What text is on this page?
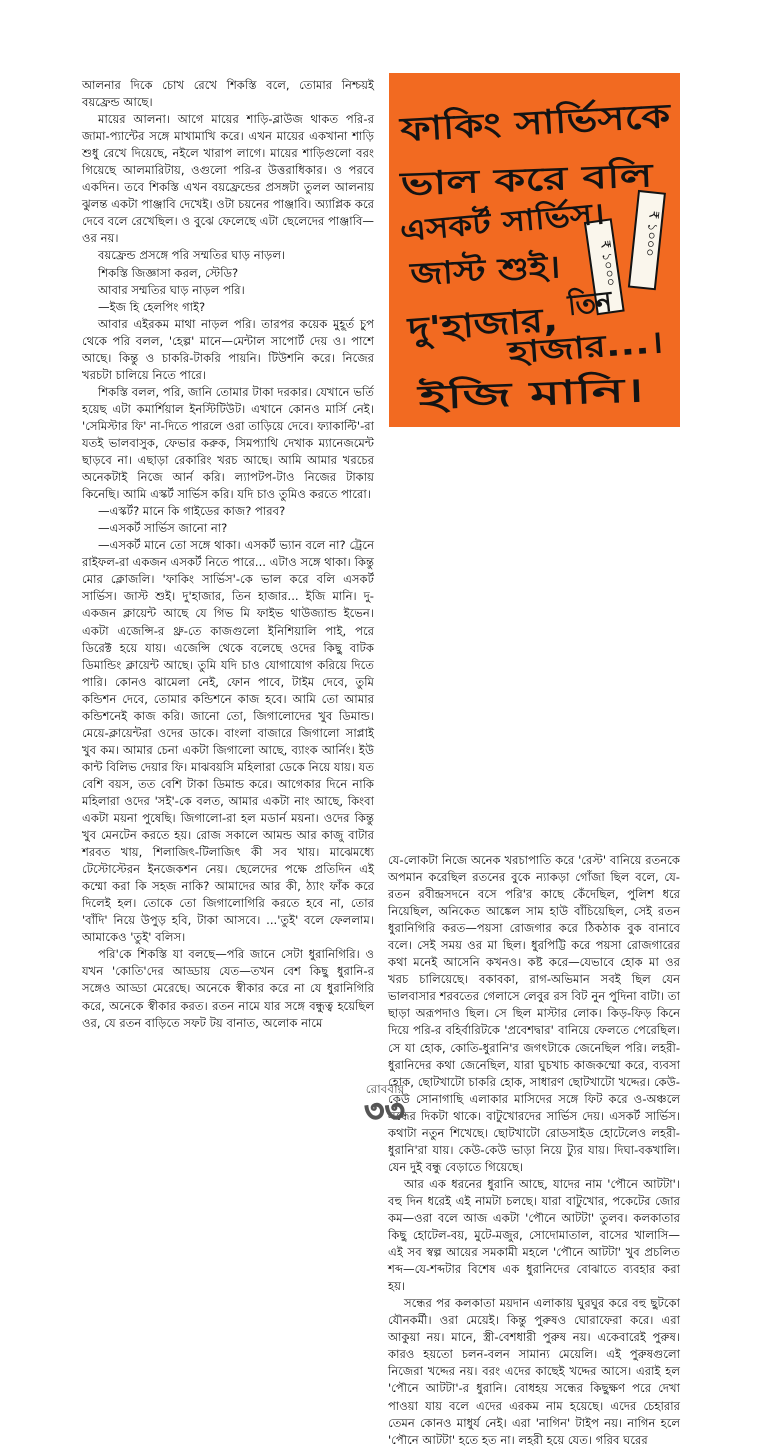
আলনার দিকে চোখ রেখে শিকস্তি বলে, তোমার নিশ্চয়ই বয়ফ্রেন্ড আছে।

মায়ের আলনা। আগে মায়ের শাড়ি-ব্লাউজ থাকত পরি-র জামা-প্যান্টের সঙ্গে মাখামাখি করে। এখন মায়ের একখানা শাড়ি শুধু রেখে দিয়েছে, নইলে খারাপ লাগে। মায়ের শাড়িগুলো বরং গিয়েছে আলমারিটায়, ওগুলো পরি-র উত্তরাধিকার। ও পরবে একদিন। তবে শিকস্তি এখন বয়ফ্রেন্ডের প্রসঙ্গটা তুলল আলনায় ঝুলন্ত একটা পাঞ্জাবি দেখেই। ওটা চয়নের পাঞ্জাবি। অ্যাপ্লিক করে দেবে বলে রেখেছিল। ও বুঝে ফেলেছে এটা ছেলেদের পাঞ্জাবি—ওর নয়।

বয়ফ্রেন্ড প্রসঙ্গে পরি সম্মতির ঘাড় নাড়ল।

শিকস্তি জিজ্ঞাসা করল, স্টেডি?

আবার সম্মতির ঘাড় নাড়ল পরি।

—ইজ হি হেলপিং গাই?

আবার এইরকম মাথা নাড়ল পরি। তারপর কয়েক মুহূর্ত চুপ থেকে পরি বলল, 'হেল্প' মানে—মেন্টাল সাপোর্ট দেয় ও। পাশে আছে। কিন্তু ও চাকরি-টাকরি পায়নি। টিউশনি করে। নিজের খরচটা চালিয়ে নিতে পারে।

শিকস্তি বলল, পরি, জানি তোমার টাকা দরকার। যেখানে ভর্তি হয়েছ এটা কমার্শিয়াল ইনস্টিটিউট। এখানে কোনও মার্সি নেই। 'সেমিস্টার ফি' না-দিতে পারলে ওরা তাড়িয়ে দেবে। ফ্যাকাল্টি'-রা যতই ভালবাসুক, ফেভার করুক, সিমপ্যাথি দেখাক ম্যানেজমেন্ট ছাড়বে না। এছাড়া রেকারিং খরচ আছে। আমি আমার খরচের অনেকটাই নিজে আর্ন করি। ল্যাপটপ-টাও নিজের টাকায় কিনেছি। আমি এস্কর্ট সার্ভিস করি। যদি চাও তুমিও করতে পারো।

—এস্কর্ট? মানে কি গাইডের কাজ? পারব?

—এসকর্ট সার্ভিস জানো না?

—এসকর্ট মানে তো সঙ্গে থাকা। এসকর্ট ভ্যান বলে না? ট্রেনে রাইফল-রা একজন এসকর্ট নিতে পারে... এটাও সঙ্গে থাকা। কিন্তু মোর ক্লোজলি। 'ফাকিং সার্ভিস'-কে ভাল করে বলি এসকর্ট সার্ভিস। জাস্ট শুই। দু'হাজার, তিন হাজার... ইজি মানি। দু-একজন ক্লায়েন্ট আছে যে গিভ মি ফাইভ থাউজ্যান্ড ইভেন। একটা এজেন্সি-র থ্রু-তে কাজগুলো ইনিশিয়ালি পাই, পরে ডিরেক্ট হয়ে যায়। এজেন্সি থেকে বলেছে ওদের কিছু বাটক ডিমান্ডিং ক্লায়েন্ট আছে। তুমি যদি চাও যোগাযোগ করিয়ে দিতে পারি। কোনও ঝামেলা নেই, ফোন পাবে, টাইম দেবে, তুমি কন্ডিশন দেবে, তোমার কন্ডিশনে কাজ হবে। আমি তো আমার কন্ডিশনেই কাজ করি। জানো তো, জিগালোদের খুব ডিমান্ড। মেয়ে-ক্লায়েন্টরা ওদের ডাকে। বাংলা বাজারে জিগালো সাপ্লাই খুব কম। আমার চেনা একটা জিগালো আছে, ব্যাংক আর্নিং। ইউ কান্ট বিলিভ দেয়ার ফি। মাঝবয়সি মহিলারা ডেকে নিয়ে যায়। যত বেশি বয়স, তত বেশি টাকা ডিমান্ড করে। আগেকার দিনে নাকি মহিলারা ওদের 'সই'-কে বলত, আমার একটা নাং আছে, কিংবা একটা ময়না পুষেছি। জিগালো-রা হল মডার্ন ময়না। ওদের কিন্তু খুব মেনটেন করতে হয়। রোজ সকালে আমন্ড আর কাজু বাটার শরবত খায়, শিলাজিৎ-টিলাজিৎ কী সব খায়। মাঝেমধ্যে টেস্টোস্টেরন ইনজেকশন নেয়। ছেলেদের পক্ষে প্রতিদিন এই কম্মো করা কি সহজ নাকি? আমাদের আর কী, ঠ্যাং ফাঁক করে দিলেই হল। তোকে তো জিগালোগিরি করতে হবে না, তোর 'বাঁদি' নিয়ে উপুড় হবি, টাকা আসবে। ...'তুই' বলে ফেললাম। আমাকেও 'তুই' বলিস।

পরি'কে শিকস্তি যা বলছে—পরি জানে সেটা ধুরানিগিরি। ও যখন 'কোতি'দের আড্ডায় যেত—তখন বেশ কিছু ধুরানি-র সঙ্গেও আড্ডা মেরেছে। অনেকে স্বীকার করে না যে ধুরানিগিরি করে, অনেকে স্বীকার করত। রতন নামে যার সঙ্গে বন্ধুত্ব হয়েছিল ওর, যে রতন বাড়িতে সফট টয় বানাত, অলোক নামে

₹ ১০০০
₹ ১০০০
ফাকিং সার্ভিসকে
ভাল করে বলি
এসকর্ট সার্ভিস।
জাস্ট শুই।
দু'হাজার,	তিন
হাজার...।
ইজি মানি।

যে-লোকটা নিজে অনেক খরচাপাতি করে 'রেস্ট' বানিয়ে রতনকে অপমান করেছিল রতনের বুকে ন্যাকড়া গোঁজা ছিল বলে, যে-রতন রবীন্দ্রসদনে বসে পরি'র কাছে কেঁদেছিল, পুলিশ ধরে নিয়েছিল, অনিকেত আঙ্কেল সাম হাউ বাঁচিয়েছিল, সেই রতন ধুরানিগিরি করত—পয়সা রোজগার করে ঠিকঠাক বুক বানাবে বলে। সেই সময় ওর মা ছিল। ধুরপিট্টি করে পয়সা রোজগারের কথা মনেই আসেনি কখনও। কষ্ট করে—যেভাবে হোক মা ওর খরচ চালিয়েছে। বকাবকা, রাগ-অভিমান সবই ছিল যেন ভালবাসার শরবতের গেলাসে লেবুর রস বিট নুন পুদিনা বাটা। তা ছাড়া অরূপদাও ছিল। সে ছিল মাস্টার লোক। কিড়-ফিড় কিনে দিয়ে পরি-র বহির্বারিটকে 'প্রবেশদ্বার' বানিয়ে ফেলতে পেরেছিল। সে যা হোক, কোতি-ধুরানি'র জগৎটাকে জেনেছিল পরি। লহরী-ধুরানিদের কথা জেনেছিল, যারা ঘুচখাচ কাজকম্মো করে, ব্যবসা হোক, ছোটখাটো চাকরি হোক, সাধারণ ছোটখাটো খদ্দের। কেউ-কেউ সোনাগাছি এলাকার মাসিদের সঙ্গে ফিট করে ও-অঞ্চলে সন্ধের দিকটা থাকে। বাটুখোরদের সার্ভিস দেয়। এসকর্ট সার্ভিস। কথাটা নতুন শিখেছে। ছোটখাটো রোডসাইড হোটেলেও লহরী-ধুরানি'রা যায়। কেউ-কেউ ভাড়া নিয়ে ট্যুর যায়। দিঘা-বকখালি। যেন দুই বন্ধু বেড়াতে গিয়েছে।

আর এক ধরনের ধুরানি আছে, যাদের নাম 'পৌনে আটটা'। বহু দিন ধরেই এই নামটা চলছে। যারা বাটুখোর, পকেটের জোর কম—ওরা বলে আজ একটা 'পৌনে আটটা' তুলব। কলকাতার কিছু হোটেল-বয়, মুটে-মজুর, সোদোমাতাল, বাসের খালাসি—এই সব স্বল্প আয়ের সমকামী মহলে 'পৌনে আটটা' খুব প্রচলিত শব্দ—যে-শব্দটার বিশেষ এক ধুরানিদের বোঝাতে ব্যবহার করা হয়।

সন্ধের পর কলকাতা ময়দান এলাকায় ঘুরঘুর করে বহু ছুটকো যৌনকর্মী। ওরা মেয়েই। কিন্তু পুরুষও ঘোরাফেরা করে। এরা আকুয়া নয়। মানে, স্ত্রী-বেশধারী পুরুষ নয়। একেবারেই পুরুষ। কারও হয়তো চলন-বলন সামান্য মেয়েলি। এই পুরুষগুলো নিজেরা খদ্দের নয়। বরং এদের কাছেই খদ্দের আসে। এরাই হল 'পৌনে আটটা'-র ধুরানি। বোধহয় সন্ধের কিছুক্ষণ পরে দেখা পাওয়া যায় বলে এদের এরকম নাম হয়েছে। এদের চেহারার তেমন কোনও মাধুর্য নেই। এরা 'নাগিন' টাইপ নয়। নাগিন হলে 'পৌনে আটটা' হতে হত না। লহরী হয়ে যেত। গরিব ঘরের

রোববার
৩৩
